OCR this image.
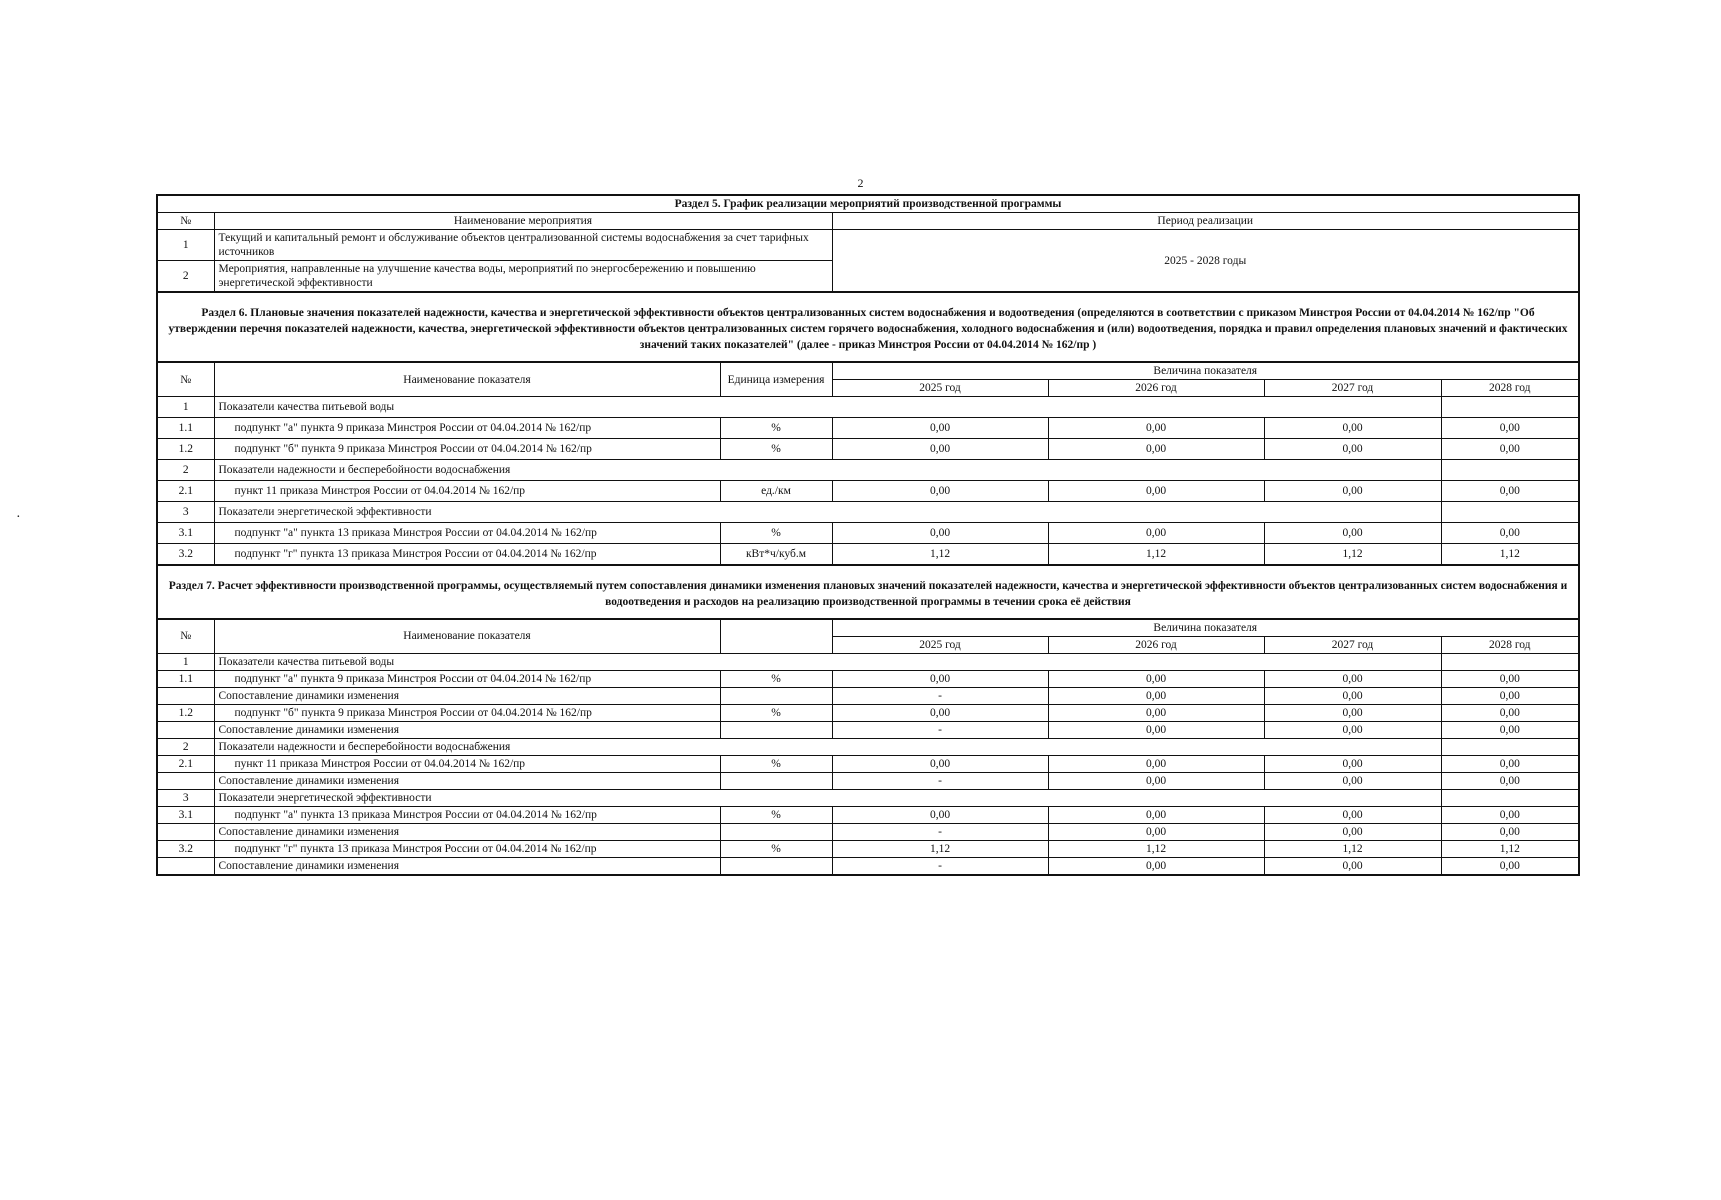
2
·
Раздел 5. График реализации мероприятий производственной программы		
№	Наименование мероприятия	Период реализации
1	Текущий и капитальный ремонт и обслуживание объектов централизованной системы водоснабжения за счет тарифных источников	2025 - 2028 годы
2	Мероприятия, направленные на улучшение качества воды, мероприятий по энергосбережению и повышению энергетической эффективности	
Раздел 6. Плановые значения показателей надежности, качества и энергетической эффективности объектов централизованных систем водоснабжения и водоотведения (определяются в соответствии с приказом Минстроя России от 04.04.2014 № 162/пр "Об утверждении перечня показателей надежности, качества, энергетической эффективности объектов централизованных систем горячего водоснабжения, холодного водоснабжения и (или) водоотведения, порядка и правил определения плановых значений и фактических значений таких показателей" (далее - приказ Минстроя России от 04.04.2014 № 162/пр )
№	Наименование показателя	Единица измерения	Величина показателя			
			2025 год	2026 год	2027 год	2028 год
1	Показатели качества питьевой воды					
1.1	подпункт "а" пункта 9 приказа Минстроя России от 04.04.2014 № 162/пр	%	0,00	0,00	0,00	0,00
1.2	подпункт "б" пункта 9 приказа Минстроя России от 04.04.2014 № 162/пр	%	0,00	0,00	0,00	0,00
2	Показатели надежности и бесперебойности водоснабжения					
2.1	пункт 11 приказа Минстроя России от 04.04.2014 № 162/пр	ед./км	0,00	0,00	0,00	0,00
3	Показатели энергетической эффективности					
3.1	подпункт "а" пункта 13 приказа Минстроя России от 04.04.2014 № 162/пр	%	0,00	0,00	0,00	0,00
3.2	подпункт "г" пункта 13 приказа Минстроя России от 04.04.2014 № 162/пр	кВт*ч/куб.м	1,12	1,12	1,12	1,12
Раздел 7. Расчет эффективности производственной программы, осуществляемый путем сопоставления динамики изменения плановых значений показателей надежности, качества и энергетической эффективности объектов централизованных систем водоснабжения и водоотведения и расходов на реализацию производственной программы в течении срока её действия
№	Наименование показателя		Величина показателя			
			2025 год	2026 год	2027 год	2028 год
1	Показатели качества питьевой воды					
1.1	подпункт "а" пункта 9 приказа Минстроя России от 04.04.2014 № 162/пр	%	0,00	0,00	0,00	0,00
	Сопоставление динамики изменения		-	0,00	0,00	0,00
1.2	подпункт "б" пункта 9 приказа Минстроя России от 04.04.2014 № 162/пр	%	0,00	0,00	0,00	0,00
	Сопоставление динамики изменения		-	0,00	0,00	0,00
2	Показатели надежности и бесперебойности водоснабжения					
2.1	пункт 11 приказа Минстроя России от 04.04.2014 № 162/пр	%	0,00	0,00	0,00	0,00
	Сопоставление динамики изменения		-	0,00	0,00	0,00
3	Показатели энергетической эффективности					
3.1	подпункт "а" пункта 13 приказа Минстроя России от 04.04.2014 № 162/пр	%	0,00	0,00	0,00	0,00
	Сопоставление динамики изменения		-	0,00	0,00	0,00
3.2	подпункт "г" пункта 13 приказа Минстроя России от 04.04.2014 № 162/пр	%	1,12	1,12	1,12	1,12
	Сопоставление динамики изменения		-	0,00	0,00	0,00
